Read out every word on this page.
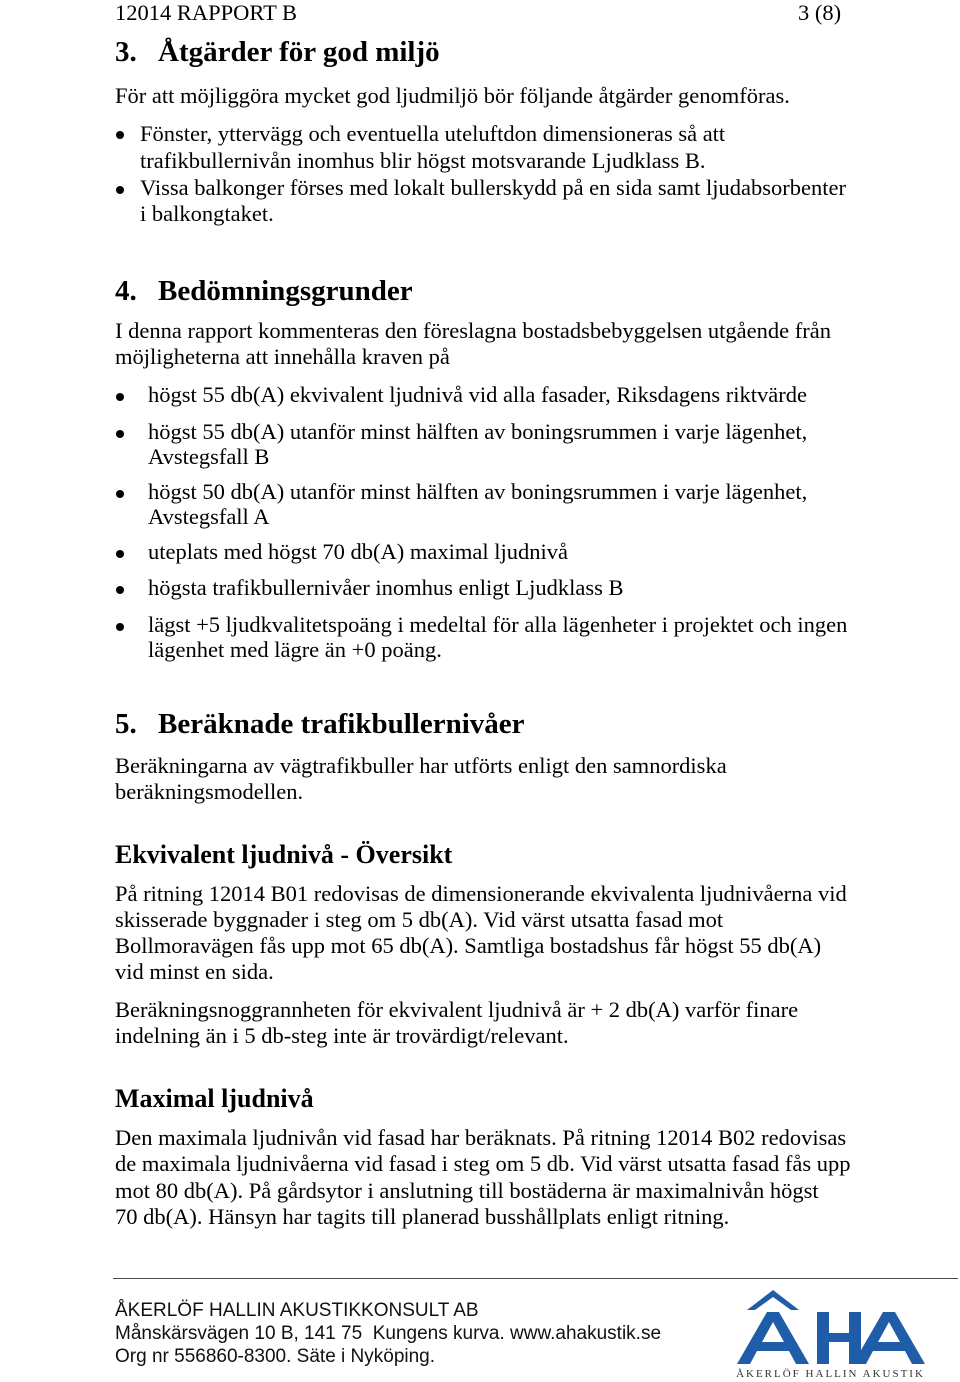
12014 RAPPORT B	3 (8)
3. Åtgärder för god miljö
För att möjliggöra mycket god ljudmiljö bör följande åtgärder genomföras.
Fönster, yttervägg och eventuella uteluftdon dimensioneras så att
trafikbullernivån inomhus blir högst motsvarande Ljudklass B.
Vissa balkonger förses med lokalt bullerskydd på en sida samt ljudabsorbenter
i balkongtaket.
4. Bedömningsgrunder
I denna rapport kommenteras den föreslagna bostadsbebyggelsen utgående från
möjligheterna att innehålla kraven på
högst 55 db(A) ekvivalent ljudnivå vid alla fasader, Riksdagens riktvärde
högst 55 db(A) utanför minst hälften av boningsrummen i varje lägenhet,
Avstegsfall B
högst 50 db(A) utanför minst hälften av boningsrummen i varje lägenhet,
Avstegsfall A
uteplats med högst 70 db(A) maximal ljudnivå
högsta trafikbullernivåer inomhus enligt Ljudklass B
lägst +5 ljudkvalitetspoäng i medeltal för alla lägenheter i projektet och ingen
lägenhet med lägre än +0 poäng.
5. Beräknade trafikbullernivåer
Beräkningarna av vägtrafikbuller har utförts enligt den samnordiska
beräkningsmodellen.
Ekvivalent ljudnivå - Översikt
På ritning 12014 B01 redovisas de dimensionerande ekvivalenta ljudnivåerna vid
skisserade byggnader i steg om 5 db(A). Vid värst utsatta fasad mot
Bollmoravägen fås upp mot 65 db(A). Samtliga bostadshus får högst 55 db(A)
vid minst en sida.
Beräkningsnoggrannheten för ekvivalent ljudnivå är + 2 db(A) varför finare
indelning än i 5 db-steg inte är trovärdigt/relevant.
Maximal ljudnivå
Den maximala ljudnivån vid fasad har beräknats. På ritning 12014 B02 redovisas
de maximala ljudnivåerna vid fasad i steg om 5 db. Vid värst utsatta fasad fås upp
mot 80 db(A). På gårdsytor i anslutning till bostäderna är maximalnivån högst
70 db(A). Hänsyn har tagits till planerad busshållplats enligt ritning.
ÅKERLÖF HALLIN AKUSTIKKONSULT AB
Månskärsvägen 10 B, 141 75  Kungens kurva. www.ahakustik.se
Org nr 556860-8300. Säte i Nyköping.
ÅKERLÖF HALLIN AKUSTIK
